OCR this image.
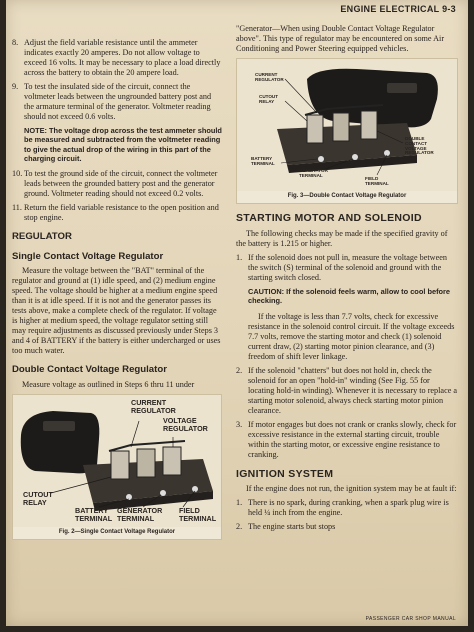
ENGINE ELECTRICAL 9-3
8. Adjust the field variable resistance until the ammeter indicates exactly 20 amperes. Do not allow voltage to exceed 16 volts. It may be necessary to place a load directly across the battery to obtain the 20 ampere load.
9. To test the insulated side of the circuit, connect the voltmeter leads between the ungrounded battery post and the armature terminal of the generator. Voltmeter reading should not exceed 0.6 volts.
NOTE: The voltage drop across the test ammeter should be measured and subtracted from the voltmeter reading to give the actual drop of the wiring in this part of the charging circuit.
10. To test the ground side of the circuit, connect the voltmeter leads between the grounded battery post and the generator ground. Voltmeter reading should not exceed 0.2 volts.
11. Return the field variable resistance to the open position and stop engine.
REGULATOR
Single Contact Voltage Regulator
Measure the voltage between the "BAT" terminal of the regulator and ground at (1) idle speed, and (2) medium engine speed. The voltage should be higher at a medium engine speed than it is at idle speed. If it is not and the generator passes its tests above, make a complete check of the regulator. If voltage is higher at medium speed, the voltage regulator setting still may require adjustments as discussed previously under Steps 3 and 4 of BATTERY if the battery is either undercharged or uses too much water.
Double Contact Voltage Regulator
Measure voltage as outlined in Steps 6 thru 11 under
CURRENT
REGULATOR
VOLTAGE
REGULATOR
CUTOUT
RELAY
BATTERY
TERMINAL
GENERATOR
TERMINAL
FIELD
TERMINAL
Fig. 2—Single Contact Voltage Regulator
"Generator—When using Double Contact Voltage Regulator above". This type of regulator may be encountered on some Air Conditioning and Power Steering equipped vehicles.
CURRENT
REGULATOR
CUTOUT
RELAY
DOUBLE
CONTACT
VOLTAGE
REGULATOR
BATTERY
TERMINAL
GENERATOR
TERMINAL
FIELD
TERMINAL
Fig. 3—Double Contact Voltage Regulator
STARTING MOTOR AND SOLENOID
The following checks may be made if the specified gravity of the battery is 1.215 or higher.
1. If the solenoid does not pull in, measure the voltage between the switch (S) terminal of the solenoid and ground with the starting switch closed.
CAUTION: If the solenoid feels warm, allow to cool before checking.
If the voltage is less than 7.7 volts, check for excessive resistance in the solenoid control circuit. If the voltage exceeds 7.7 volts, remove the starting motor and check (1) solenoid current draw, (2) starting motor pinion clearance, and (3) freedom of shift lever linkage.
2. If the solenoid "chatters" but does not hold in, check the solenoid for an open "hold-in" winding (See Fig. 55 for locating hold-in winding). Whenever it is necessary to replace a starting motor solenoid, always check starting motor pinion clearance.
3. If motor engages but does not crank or cranks slowly, check for excessive resistance in the external starting circuit, trouble within the starting motor, or excessive engine resistance to cranking.
IGNITION SYSTEM
If the engine does not run, the ignition system may be at fault if:
1. There is no spark, during cranking, when a spark plug wire is held ¼ inch from the engine.
2. The engine starts but stops
PASSENGER CAR SHOP MANUAL
